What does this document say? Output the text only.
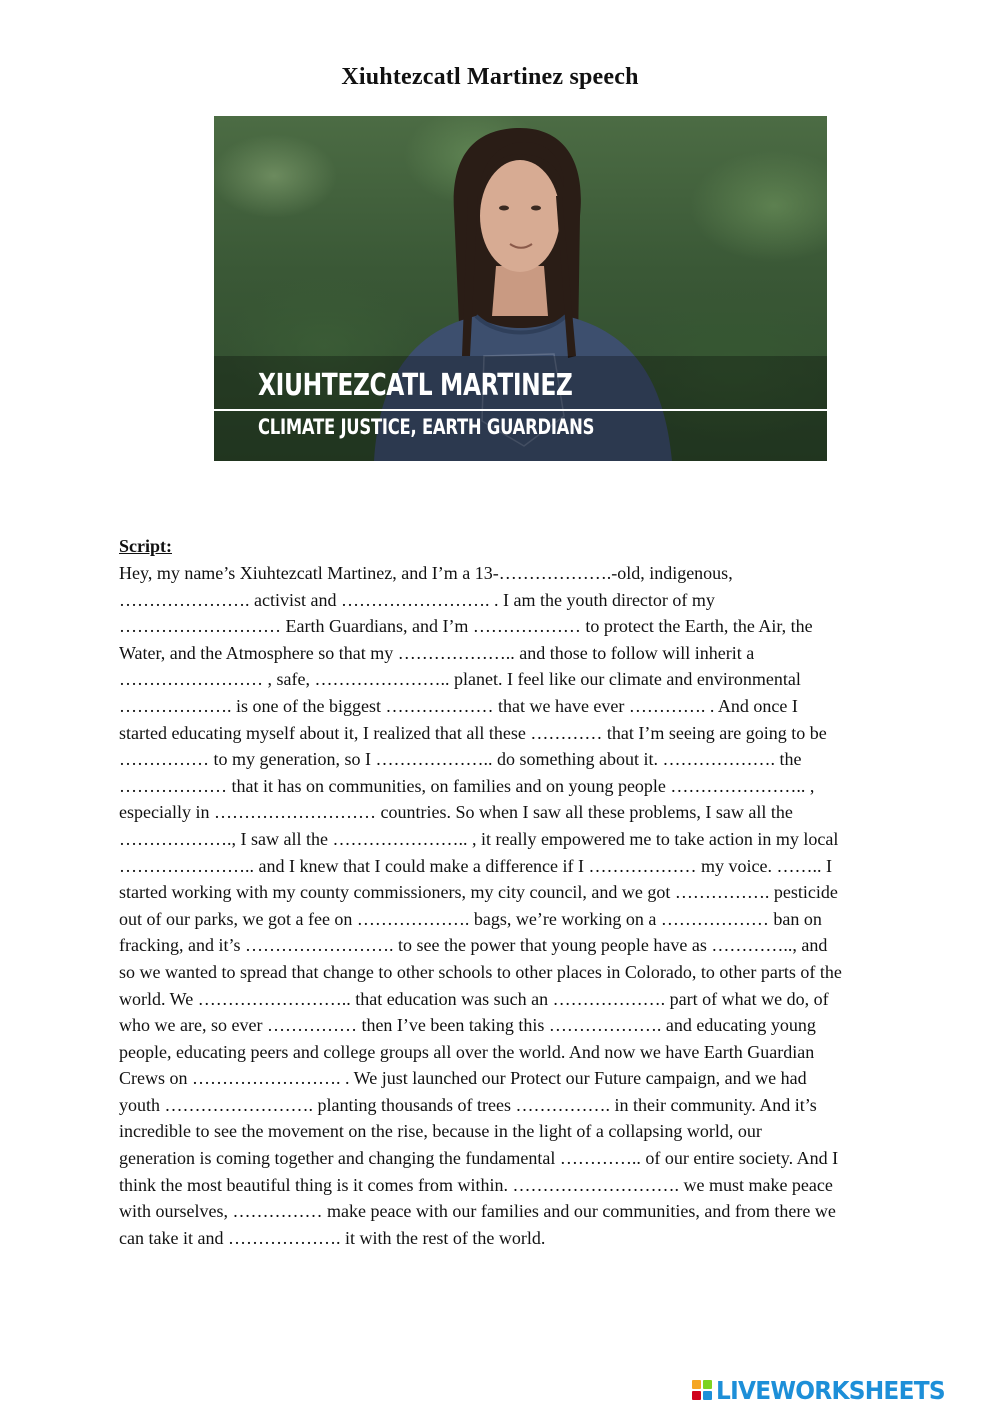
Xiuhtezcatl Martinez speech
XIUHTEZCATL MARTINEZ
CLIMATE JUSTICE, EARTH GUARDIANS
Script:
Hey, my name’s Xiuhtezcatl Martinez, and I’m a 13-……………….-old, indigenous,
…………………. activist and ……………………. . I am the youth director of my
……………………… Earth Guardians, and I’m ……………… to protect the Earth, the Air, the
Water, and the Atmosphere so that my ……………….. and those to follow will inherit a
…………………… , safe, ………………….. planet. I feel like our climate and environmental
………………. is one of the biggest ……………… that we have ever …………. . And once I
started educating myself about it, I realized that all these ………… that I’m seeing are going to be
…………… to my generation, so I ……………….. do something about it. ………………. the
……………… that it has on communities, on families and on young people ………………….. ,
especially in ……………………… countries. So when I saw all these problems, I saw all the
………………., I saw all the ………………….. , it really empowered me to take action in my local
………………….. and I knew that I could make a difference if I ……………… my voice. …….. I
started working with my county commissioners, my city council, and we got ……………. pesticide
out of our parks, we got a fee on ………………. bags, we’re working on a ……………… ban on
fracking, and it’s ……………………. to see the power that young people have as ………….., and
so we wanted to spread that change to other schools to other places in Colorado, to other parts of the
world. We …………………….. that education was such an ………………. part of what we do, of
who we are, so ever …………… then I’ve been taking this ………………. and educating young
people, educating peers and college groups all over the world. And now we have Earth Guardian
Crews on ……………………. . We just launched our Protect our Future campaign, and we had
youth ……………………. planting thousands of trees ……………. in their community. And it’s
incredible to see the movement on the rise, because in the light of a collapsing world, our
generation is coming together and changing the fundamental ………….. of our entire society. And I
think the most beautiful thing is it comes from within. ………………………. we must make peace
with ourselves, …………… make peace with our families and our communities, and from there we
can take it and ………………. it with the rest of the world.
LIVEWORKSHEETS
